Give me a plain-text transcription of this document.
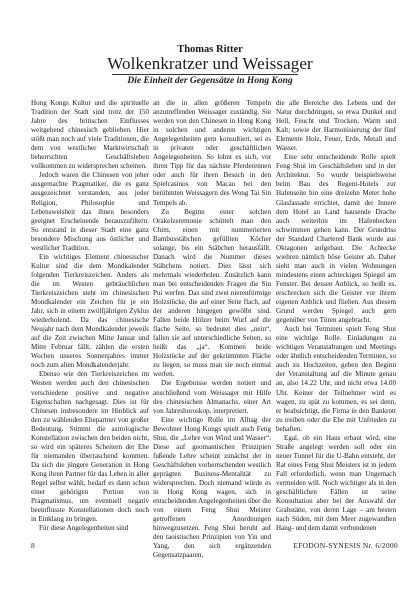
Thomas Ritter
Wolkenkratzer und Weissager
Die Einheit der Gegensätze in Hong Kong

Hong Kongs Kultur und die spirituelle Tradition der Stadt sind trotz der 150 Jahre des britischen Einflusses weitgehend chinesisch geblieben. Hier stößt man noch auf viele Traditionen, die dem von westlicher Marktwirtschaft beherrschten Geschäftsleben vollkommen zu widersprechen scheinen.

Jedoch waren die Chinesen von jeher ausgemachte Pragmatiker, die es ganz ausgezeichnet verstanden, aus jeder Religion, Philosophie und Lebensweisheit das ihnen besonders geeignet Erscheinende herauszufiltern. So entstand in dieser Stadt eine ganz besondere Mischung aus östlicher und westlicher Tradition.

Ein wichtiges Element chinesischer Kultur sind die dem Mondkalender folgenden Tierkreiszeichen. Anders als die im Westen gebräuchlichen Tierkreiszeichen steht im chinesischen Mondkalender ein Zeichen für je ein Jahr, sich in einem zwölfjährigen Zyklus wiederholend. Da das chinesische Neujahr nach dem Mondkalender jeweils auf die Zeit zwischen Mitte Januar und Mitte Februar fällt, zählen die ersten Wochen unseres Sonnenjahres immer noch zum alten Mondkalenderjahr.

Ebenso wie den Tierkreiszeichen im Westen werden auch den chinesischen verschiedene positive und negative Eigenschaften nachgesagt. Dies ist für Chinesen insbesondere im Hinblick auf den zu wählenden Ehepartner von großer Bedeutung. Stimmt die astrologische Konstellation zwischen den beiden nicht, so wird ein späteres Scheitern der Ehe für niemanden überraschend kommen. Da sich die jüngere Generation in Hong Kong ihren Partner für das Leben in aller Regel selbst wählt, bedarf es dann schon einer gehörigen Portion von Pragmatismus, um eventuell negativ beeinflusste Konstellationen doch noch in Einklang zu bringen.

Für diese Angelegenheiten sind

an die in allen größeren Tempeln anzutreffenden Weissager zuständig. Sie werden von den Chinesen in Hong Kong in solchen und anderen wichtigen Angelegenheiten gern konsultiert, sei es in privaten oder geschäftlichen Angelegenheiten. So lohnt es sich, vor ihren Tipp für das nächste Pferderennen oder auch für ihren Besuch in den Spielcasinos von Macau bei den berühmten Weissagern des Wong Tai Sin Tempels ab.

Zu Beginn einer solchen Orakelzeremonie schüttelt man den Chim, einen mit nummerierten Bambusstäbchen gefüllten Köcher solange, bis ein Stäbchen herausfällt. Danach wird die Nummer dieses Stäbchens notiert. Dies lässt sich mehrmals wiederholen. Zusätzlich kann man bei entscheidenden Fragen die Sin Pui werfen. Das sind zwei nierenförmige Holzstücke, die auf einer Seite flach, auf der anderen hingegen gewölbt sind. Fallen beide Hölzer beim Wurf auf die flache Seite, so bedeutet dies „nein“, fallen sie auf unterschiedliche Seiten, so heißt das „ja“. Kommen beide Holzstücke auf der gekrümmten Fläche zu liegen, so muss man sie noch einmal werfen.

Die Ergebnisse werden notiert und anschließend vom Weissager mit Hilfe des chinesischen Almanachs, einer Art von Jahreshoroskop, interpretiert.

Eine wichtige Rolle im Alltag der Bewohner Hong Kongs spielt auch Feng Shui, die „Lehre von Wind und Wasser“. Diese auf geomantischen Prinzipien fußende Lehre scheint zunächst der in Geschäftsleben vorherrschenden westlich geprägten Business-Mentalität zu widersprechen. Doch niemand würde es in Hong Kong wagen, sich in entscheidenden Angelegenheiten über die von einem Feng Shui Meister getroffenen Anordnungen hinwegzusetzen. Feng Shui beruht auf den taoistischen Prinzipien von Yin und Yang, den sich ergänzenden Gegensatzpaaren,

die alle Bereiche des Lebens und der Natur durchdringen, so etwa Dunkel und Hell, Feucht und Trocken, Warm und Kalt; sowie der Harmonisierung der fünf Elemente Holz, Feuer, Erde, Metall und Wasser.

Eine sehr entscheidende Rolle spielt Feng Shui im Geschäftsleben und in der Architektur. So wurde beispielsweise beim Bau des Regent-Hotels zur Hafenseite hin eine dreizehn Meter hohe Glasfassade errichtet, damit der Innere dem Hotel an Land hausende Drache auch weiterhin im Hafenbecken schwimmen gehen kann. Der Grundriss der Standard Chartered Bank wurde aus Oktagonen aufgebaut. Die Achtecke wiehren nämlich böse Geister ab. Daher sieht man auch in vielen Wohnungen mindestens einen achteckigen Spiegel am Fenster. Bei dessen Anblick, so heißt es, erschrecken sich die Geister vor ihrem eigenen Anblick und fliehen. Aus diesem Grund werden Spiegel auch gern gegenüber von Türen angebracht.

Auch bei Terminen spielt Feng Shui eine wichtige Rolle. Einladungen zu wichtigen Veranstaltungen und Meetings oder ähnlich entscheidenden Terminen, so auch zu Hochzeiten, geben den Beginn der Veranstaltung auf die Minute genau an, also 14.22 Uhr, und nicht etwa 14.00 Uhr. Keiner der Teilnehmer wird es wagen, zu spät zu kommen, es sei denn, er beabsichtigt, die Firma in den Bankrott zu treiben oder die Ehe mit Unfrieden zu behaften.

Egal, ob ein Haus erbaut wird, eine Straße angelegt werden soll oder ein neuer Tunnel für die U-Bahn entsteht, der Rat eines Feng Shui Meisters ist in jedem Fall erforderlich, wenn man Ungemach vermeiden will. Noch wichtiger als in den geschäftlichen Fällen ist seine Konsultation aber bei der Auswahl der Grabstätte, von deren Lage – am besten nach Süden, mit dem Meer zugewandten Hang- und dem damit verbundenen

8	EFODON-SYNESIS Nr. 6/2000
